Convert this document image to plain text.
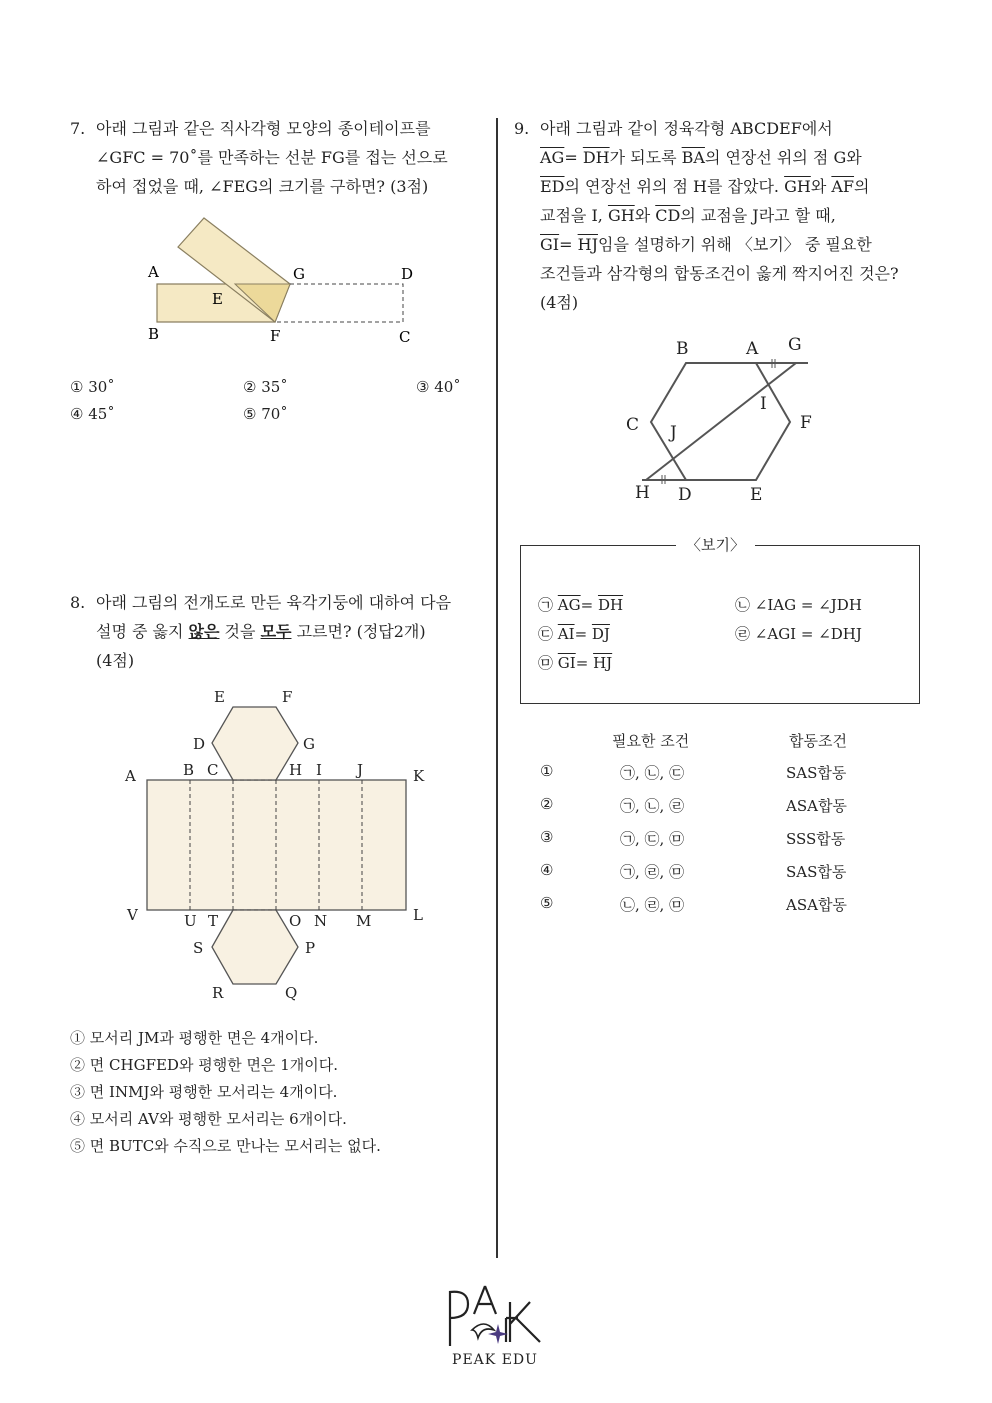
7. 아래 그림과 같은 직사각형 모양의 종이테이프를
∠GFC = 70˚를 만족하는 선분 FG를 접는 선으로
하여 접었을 때, ∠FEG의 크기를 구하면? (3점)
A	G	D
E
B	F	C
① 30˚	② 35˚	③ 40˚
④ 45˚	⑤ 70˚
8. 아래 그림의 전개도로 만든 육각기둥에 대하여 다음
설명 중 옳지 않은 것을 모두 고르면? (정답2개)
(4점)
E	F
D	G
A	B C	H I J	K
V	U T	O N M	L
S	P
R	Q
① 모서리 JM과 평행한 면은 4개이다.
② 면 CHGFED와 평행한 면은 1개이다.
③ 면 INMJ와 평행한 모서리는 4개이다.
④ 모서리 AV와 평행한 모서리는 6개이다.
⑤ 면 BUTC와 수직으로 만나는 모서리는 없다.
9. 아래 그림과 같이 정육각형 ABCDEF에서
$\overline{AG}= \overline{DH}$가 되도록 $\overline{BA}$의 연장선 위의 점 G와
$\overline{ED}$의 연장선 위의 점 H를 잡았다. $\overline{GH}$와 $\overline{AF}$의
교점을 I, $\overline{GH}$와 $\overline{CD}$의 교점을 J라고 할 때,
$\overline{GI}= \overline{HJ}$임을 설명하기 위해 〈보기〉 중 필요한
조건들과 삼각형의 합동조건이 옳게 짝지어진 것은?
(4점)
B	A G
I
C J	F
H D	E
〈보기〉
㉠ $\overline{AG}= \overline{DH}$	㉡ ∠IAG = ∠JDH
㉢ $\overline{AI}= \overline{DJ}$	㉣ ∠AGI = ∠DHJ
㉤ $\overline{GI}= \overline{HJ}$
필요한 조건	합동조건
①	㉠, ㉡, ㉢	SAS합동
②	㉠, ㉡, ㉣	ASA합동
③	㉠, ㉢, ㉤	SSS합동
④	㉠, ㉣, ㉤	SAS합동
⑤	㉡, ㉣, ㉤	ASA합동
PEAK EDU
